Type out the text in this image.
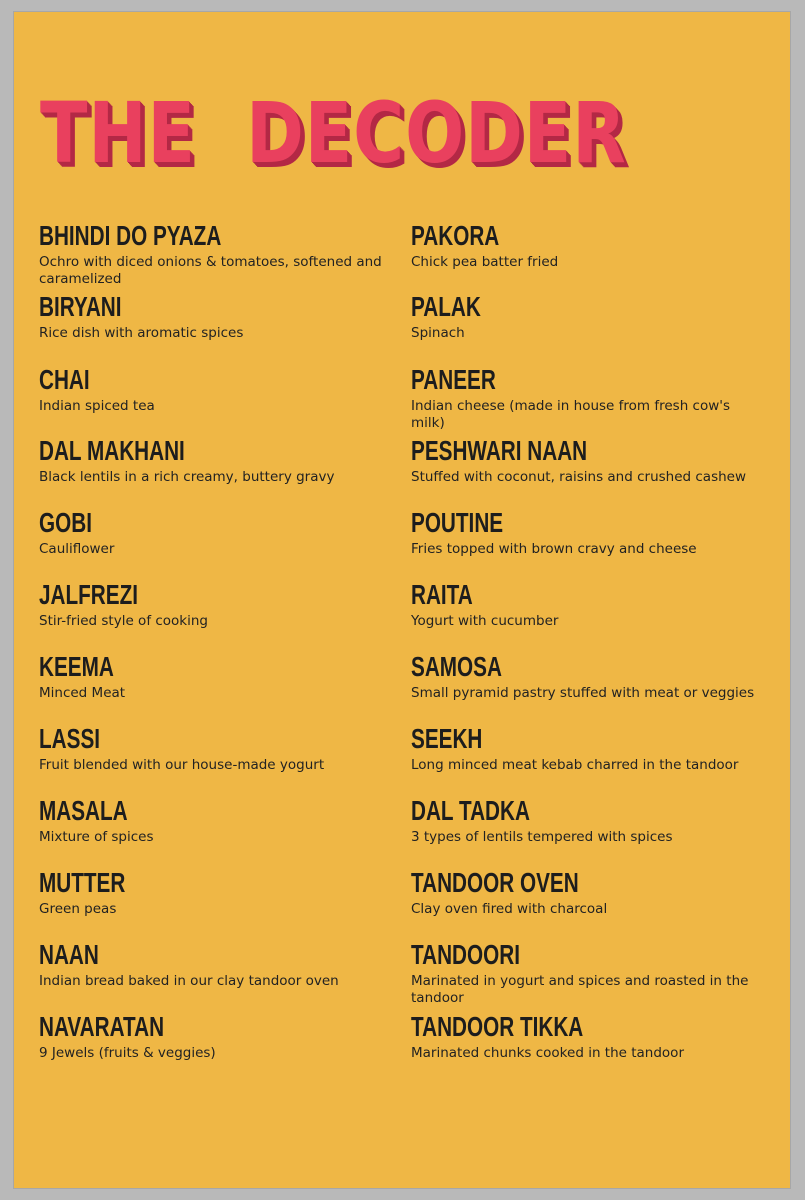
THE  DECODER
BHINDI DO PYAZA
Ochro with diced onions & tomatoes, softened and caramelized
BIRYANI
Rice dish with aromatic spices
CHAI
Indian spiced tea
DAL MAKHANI
Black lentils in a rich creamy, buttery gravy
GOBI
Cauliflower
JALFREZI
Stir-fried style of cooking
KEEMA
Minced Meat
LASSI
Fruit blended with our house-made yogurt
MASALA
Mixture of spices
MUTTER
Green peas
NAAN
Indian bread baked in our clay tandoor oven
NAVARATAN
9 Jewels (fruits & veggies)
PAKORA
Chick pea batter fried
PALAK
Spinach
PANEER
Indian cheese (made in house from fresh cow's milk)
PESHWARI NAAN
Stuffed with coconut, raisins and crushed cashew
POUTINE
Fries topped with brown cravy and cheese
RAITA
Yogurt with cucumber
SAMOSA
Small pyramid pastry stuffed with meat or veggies
SEEKH
Long minced meat kebab charred in the tandoor
DAL TADKA
3 types of lentils tempered with spices
TANDOOR OVEN
Clay oven fired with charcoal
TANDOORI
Marinated in yogurt and spices and roasted in the tandoor
TANDOOR TIKKA
Marinated chunks cooked in the tandoor
